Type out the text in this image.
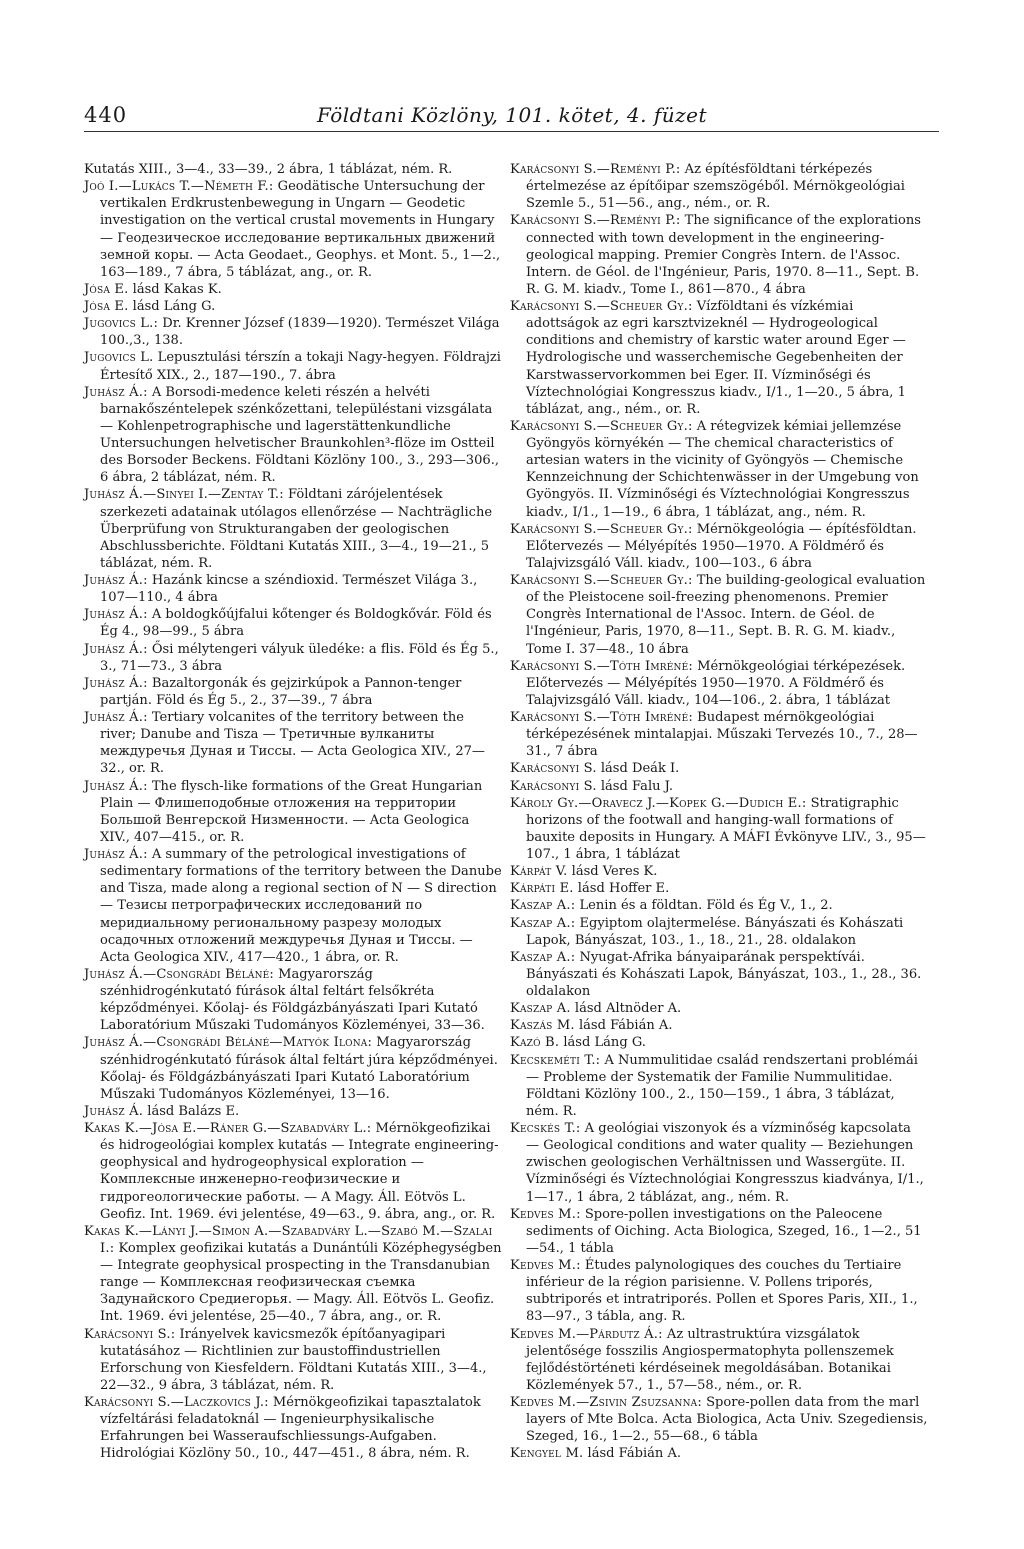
440	Földtani Közlöny, 101. kötet, 4. füzet

Kutatás XIII., 3—4., 33—39., 2 ábra, 1 táblázat, ném. R.

Joó I.—Lukács T.—Németh F.: Geodätische Untersuchung der vertikalen Erdkrustenbewegung in Ungarn — Geodetic investigation on the vertical crustal movements in Hungary — Геодезическое исследование вертикальных движений земной коры. — Acta Geodaet., Geophys. et Mont. 5., 1—2., 163—189., 7 ábra, 5 táblázat, ang., or. R.

Jósa E. lásd Kakas K.

Jósa E. lásd Láng G.

Jugovics L.: Dr. Krenner József (1839—1920). Természet Világa 100.,3., 138.

Jugovics L. Lepusztulási térszín a tokaji Nagy-hegyen. Földrajzi Értesítő XIX., 2., 187—190., 7. ábra

Juhász Á.: A Borsodi-medence keleti részén a helvéti barnakőszéntelepek szénkőzettani, településtani vizsgálata — Kohlenpetrographische und lagerstättenkundliche Untersuchungen helvetischer Braunkohlen³-flöze im Ostteil des Borsoder Beckens. Földtani Közlöny 100., 3., 293—306., 6 ábra, 2 táblázat, ném. R.

Juhász Á.—Sinyei I.—Zentay T.: Földtani zárójelentések szerkezeti adatainak utólagos ellenőrzése — Nachträgliche Überprüfung von Strukturangaben der geologischen Abschlussberichte. Földtani Kutatás XIII., 3—4., 19—21., 5 táblázat, ném. R.

Juhász Á.: Hazánk kincse a széndioxid. Természet Világa 3., 107—110., 4 ábra

Juhász Á.: A boldogkőújfalui kőtenger és Boldogkővár. Föld és Ég 4., 98—99., 5 ábra

Juhász Á.: Ősi mélytengeri vályuk üledéke: a flis. Föld és Ég 5., 3., 71—73., 3 ábra

Juhász Á.: Bazaltorgonák és gejzirkúpok a Pannon-tenger partján. Föld és Ég 5., 2., 37—39., 7 ábra

Juhász Á.: Tertiary volcanites of the territory between the river; Danube and Tisza — Третичные вулканиты междуречья Дуная и Тиссы. — Acta Geologica XIV., 27—32., or. R.

Juhász Á.: The flysch-like formations of the Great Hungarian Plain — Флишеподобные отложения на территории Большой Венгерской Низменности. — Acta Geologica XIV., 407—415., or. R.

Juhász Á.: A summary of the petrological investigations of sedimentary formations of the territory between the Danube and Tisza, made along a regional section of N — S direction — Тезисы петрографических исследований по меридиальному региональному разрезу молодых осадочных отложений междуречья Дуная и Тиссы. — Acta Geologica XIV., 417—420., 1 ábra, or. R.

Juhász Á.—Csongrádi Béláné: Magyarország szénhidrogénkutató fúrások által feltárt felsőkréta képződményei. Kőolaj- és Földgázbányászati Ipari Kutató Laboratórium Műszaki Tudományos Közleményei, 33—36.

Juhász Á.—Csongrádi Béláné—Matyók Ilona: Magyarország szénhidrogénkutató fúrások által feltárt júra képződményei. Kőolaj- és Földgázbányászati Ipari Kutató Laboratórium Műszaki Tudományos Közleményei, 13—16.

Juhász Á. lásd Balázs E.

Kakas K.—Jósa E.—Ráner G.—Szabadváry L.: Mérnökgeofizikai és hidrogeológiai komplex kutatás — Integrate engineering-geophysical and hydrogeophysical exploration — Комплексные инженерно-геофизические и гидрогеологические работы. — A Magy. Áll. Eötvös L. Geofiz. Int. 1969. évi jelentése, 49—63., 9. ábra, ang., or. R.

Kakas K.—Lányi J.—Simon A.—Szabadváry L.—Szabó M.—Szalai I.: Komplex geofizikai kutatás a Dunántúli Középhegységben — Integrate geophysical prospecting in the Transdanubian range — Комплексная геофизическая съемка Задунайского Средиегорья. — Magy. Áll. Eötvös L. Geofiz. Int. 1969. évi jelentése, 25—40., 7 ábra, ang., or. R.

Karácsonyi S.: Irányelvek kavicsmezők építőanyagipari kutatásához — Richtlinien zur baustoffindustriellen Erforschung von Kiesfeldern. Földtani Kutatás XIII., 3—4., 22—32., 9 ábra, 3 táblázat, ném. R.

Karácsonyi S.—Laczkovics J.: Mérnökgeofizikai tapasztalatok vízfeltárási feladatoknál — Ingenieurphysikalische Erfahrungen bei Wasseraufschliessungs-Aufgaben. Hidrológiai Közlöny 50., 10., 447—451., 8 ábra, ném. R.

Karácsonyi S.—Reményi P.: Az építésföldtani térképezés értelmezése az építőipar szemszögéből. Mérnökgeológiai Szemle 5., 51—56., ang., ném., or. R.

Karácsonyi S.—Reményi P.: The significance of the explorations connected with town development in the engineering-geological mapping. Premier Congrès Intern. de l'Assoc. Intern. de Géol. de l'Ingénieur, Paris, 1970. 8—11., Sept. B. R. G. M. kiadv., Tome I., 861—870., 4 ábra

Karácsonyi S.—Scheuer Gy.: Vízföldtani és vízkémiai adottságok az egri karsztvizeknél — Hydrogeological conditions and chemistry of karstic water around Eger — Hydrologische und wasserchemische Gegebenheiten der Karstwasservorkommen bei Eger. II. Vízminőségi és Víztechnológiai Kongresszus kiadv., I/1., 1—20., 5 ábra, 1 táblázat, ang., ném., or. R.

Karácsonyi S.—Scheuer Gy.: A rétegvizek kémiai jellemzése Gyöngyös környékén — The chemical characteristics of artesian waters in the vicinity of Gyöngyös — Chemische Kennzeichnung der Schichtenwässer in der Umgebung von Gyöngyös. II. Vízminőségi és Víztechnológiai Kongresszus kiadv., I/1., 1—19., 6 ábra, 1 táblázat, ang., ném. R.

Karácsonyi S.—Scheuer Gy.: Mérnökgeológia — építésföldtan. Előtervezés — Mélyépítés 1950—1970. A Földmérő és Talajvizsgáló Váll. kiadv., 100—103., 6 ábra

Karácsonyi S.—Scheuer Gy.: The building-geological evaluation of the Pleistocene soil-freezing phenomenons. Premier Congrès International de l'Assoc. Intern. de Géol. de l'Ingénieur, Paris, 1970, 8—11., Sept. B. R. G. M. kiadv., Tome I. 37—48., 10 ábra

Karácsonyi S.—Tóth Imréné: Mérnökgeológiai térképezések. Előtervezés — Mélyépítés 1950—1970. A Földmérő és Talajvizsgáló Váll. kiadv., 104—106., 2. ábra, 1 táblázat

Karácsonyi S.—Tóth Imréné: Budapest mérnökgeológiai térképezésének mintalapjai. Műszaki Tervezés 10., 7., 28—31., 7 ábra

Karácsonyi S. lásd Deák I.

Karácsonyi S. lásd Falu J.

Károly Gy.—Oravecz J.—Kopek G.—Dudich E.: Stratigraphic horizons of the footwall and hanging-wall formations of bauxite deposits in Hungary. A MÁFI Évkönyve LIV., 3., 95—107., 1 ábra, 1 táblázat

Kárpát V. lásd Veres K.

Kárpáti E. lásd Hoffer E.

Kaszap A.: Lenin és a földtan. Föld és Ég V., 1., 2.

Kaszap A.: Egyiptom olajtermelése. Bányászati és Kohászati Lapok, Bányászat, 103., 1., 18., 21., 28. oldalakon

Kaszap A.: Nyugat-Afrika bányaiparának perspektívái. Bányászati és Kohászati Lapok, Bányászat, 103., 1., 28., 36. oldalakon

Kaszap A. lásd Altnöder A.

Kaszás M. lásd Fábián A.

Kazó B. lásd Láng G.

Kecskeméti T.: A Nummulitidae család rendszertani problémái — Probleme der Systematik der Familie Nummulitidae. Földtani Közlöny 100., 2., 150—159., 1 ábra, 3 táblázat, ném. R.

Kecskés T.: A geológiai viszonyok és a vízminőség kapcsolata — Geological conditions and water quality — Beziehungen zwischen geologischen Verhältnissen und Wassergüte. II. Vízminőségi és Víztechnológiai Kongresszus kiadványa, I/1., 1—17., 1 ábra, 2 táblázat, ang., ném. R.

Kedves M.: Spore-pollen investigations on the Paleocene sediments of Oiching. Acta Biologica, Szeged, 16., 1—2., 51—54., 1 tábla

Kedves M.: Études palynologiques des couches du Tertiaire inférieur de la région parisienne. V. Pollens triporés, subtriporés et intratriporés. Pollen et Spores Paris, XII., 1., 83—97., 3 tábla, ang. R.

Kedves M.—Párdutz Á.: Az ultrastruktúra vizsgálatok jelentősége fosszilis Angiospermatophyta pollenszemek fejlődéstörténeti kérdéseinek megoldásában. Botanikai Közlemények 57., 1., 57—58., ném., or. R.

Kedves M.—Zsivin Zsuzsanna: Spore-pollen data from the marl layers of Mte Bolca. Acta Biologica, Acta Univ. Szegediensis, Szeged, 16., 1—2., 55—68., 6 tábla

Kengyel M. lásd Fábián A.
